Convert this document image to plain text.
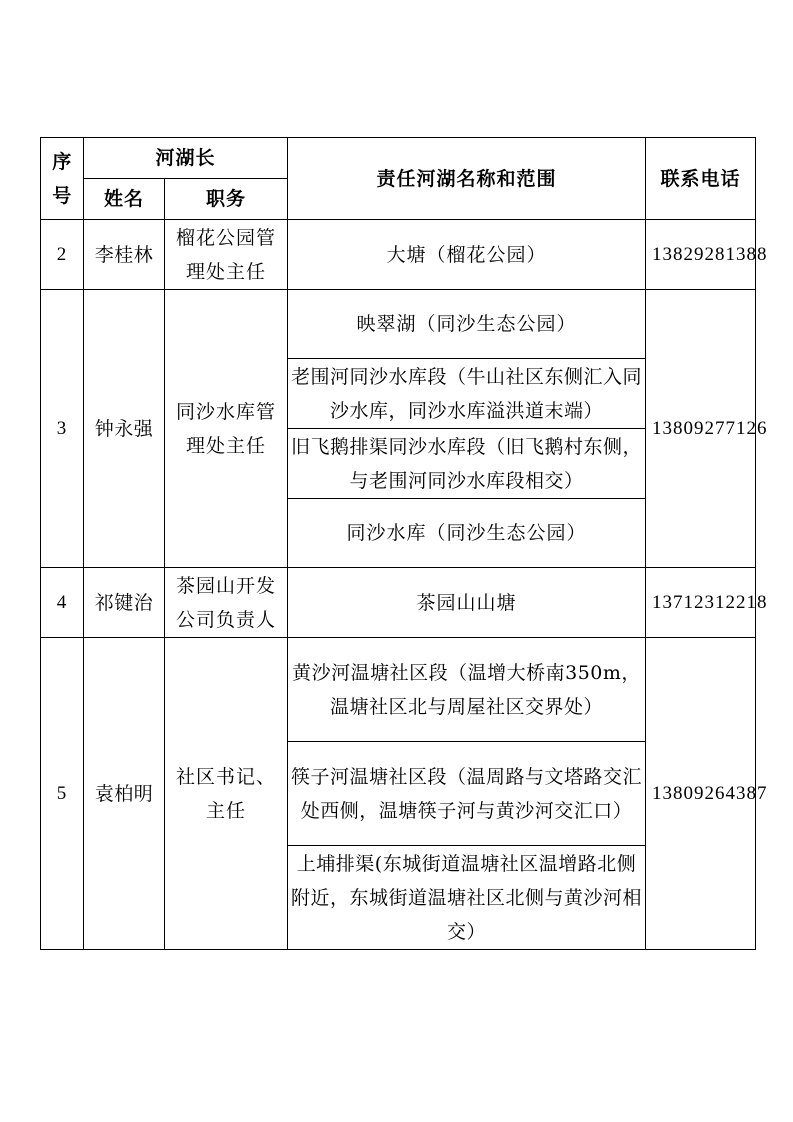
序号	河湖长		责任河湖名称和范围	联系电话
	姓名	职务		
2	李桂林	榴花公园管理处主任	大塘（榴花公园）	13829281388
3	钟永强	同沙水库管理处主任	映翠湖（同沙生态公园）	13809277126
			老围河同沙水库段（牛山社区东侧汇入同沙水库，同沙水库溢洪道末端）	
			旧飞鹅排渠同沙水库段（旧飞鹅村东侧，与老围河同沙水库段相交）	
			同沙水库（同沙生态公园）	
4	祁键治	茶园山开发公司负责人	茶园山山塘	13712312218
5	袁柏明	社区书记、主任	黄沙河温塘社区段（温增大桥南350m，温塘社区北与周屋社区交界处）	13809264387
			筷子河温塘社区段（温周路与文塔路交汇处西侧，温塘筷子河与黄沙河交汇口）	
			上埔排渠(东城街道温塘社区温增路北侧附近，东城街道温塘社区北侧与黄沙河相交）	
